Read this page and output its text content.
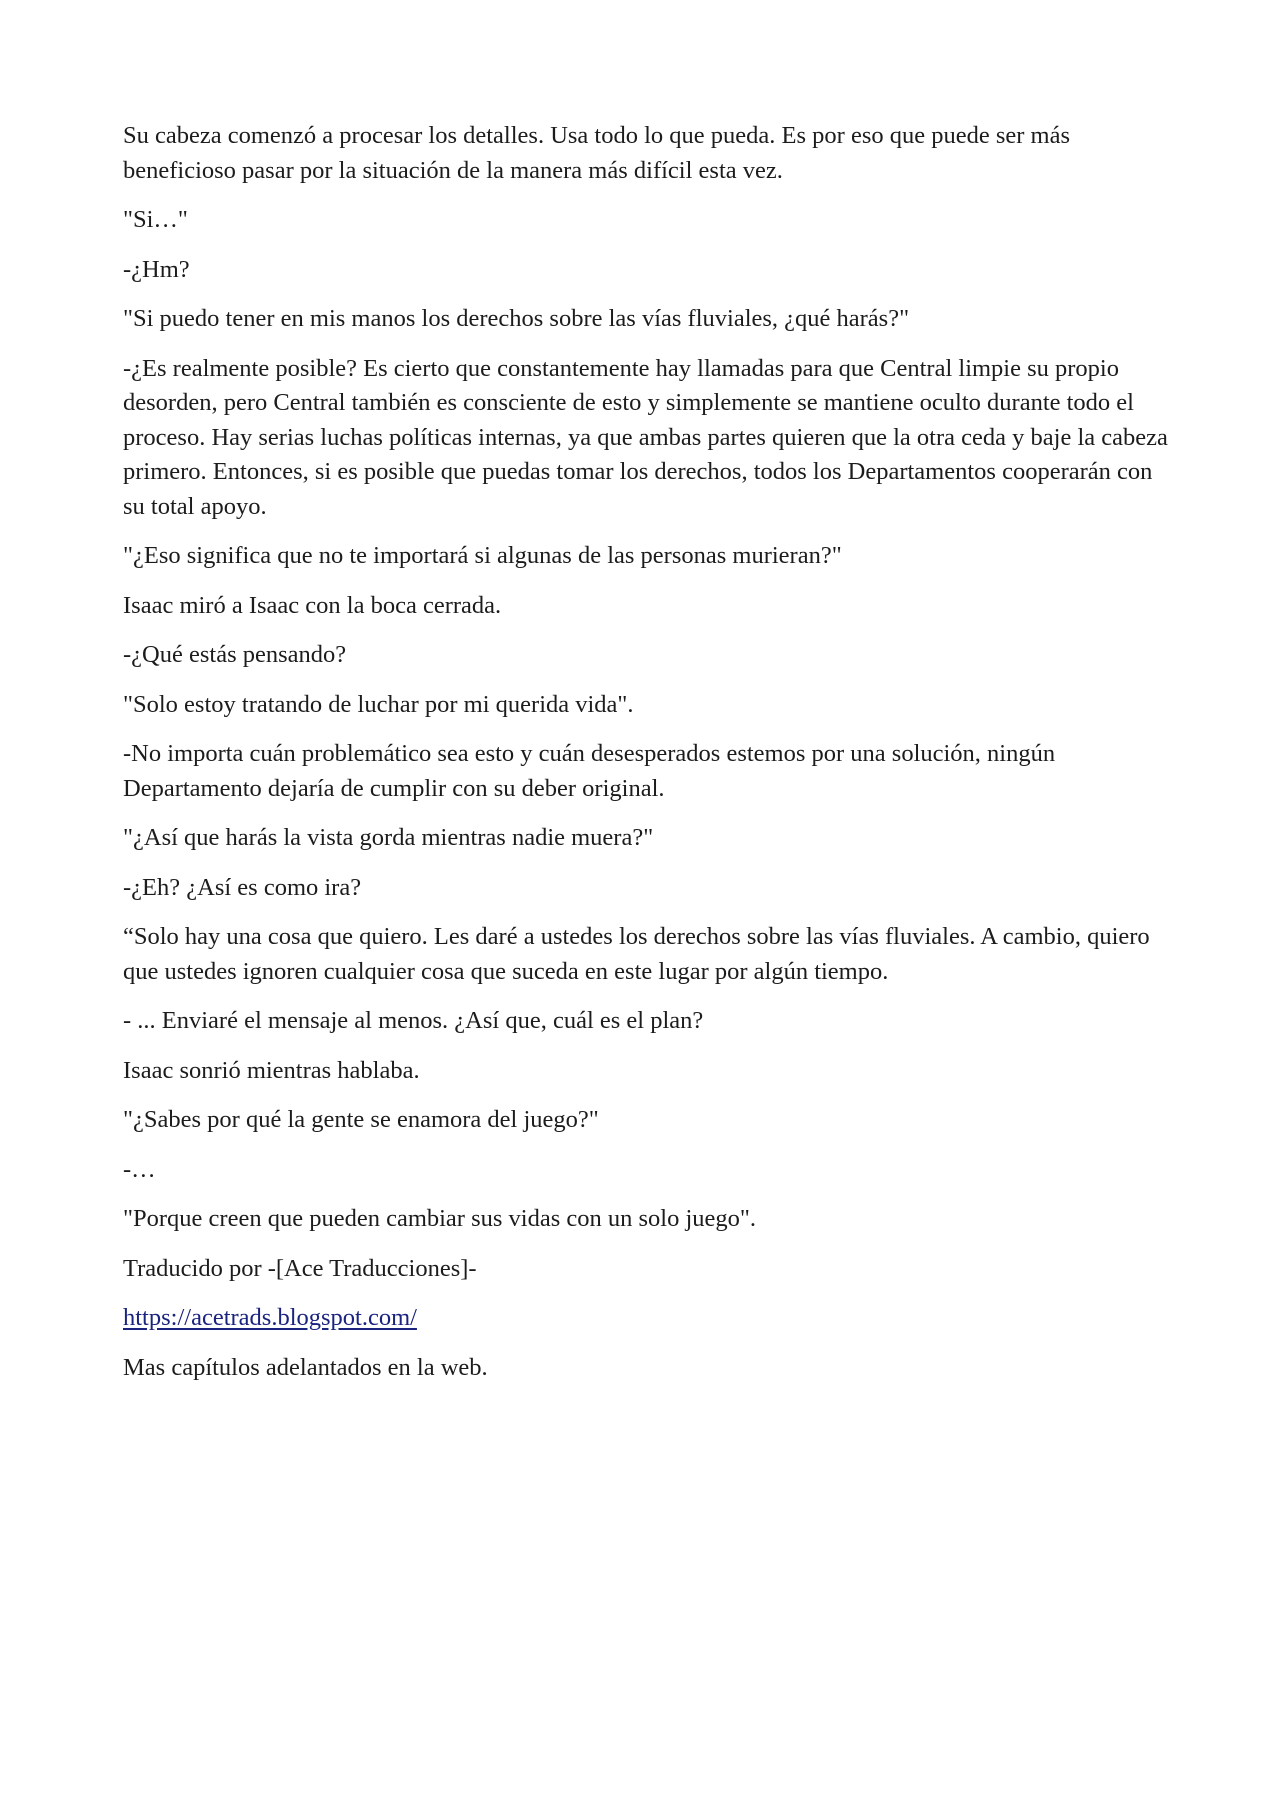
Su cabeza comenzó a procesar los detalles. Usa todo lo que pueda. Es por eso que puede ser más beneficioso pasar por la situación de la manera más difícil esta vez.

"Si…"

-¿Hm?

"Si puedo tener en mis manos los derechos sobre las vías fluviales, ¿qué harás?"

-¿Es realmente posible? Es cierto que constantemente hay llamadas para que Central limpie su propio desorden, pero Central también es consciente de esto y simplemente se mantiene oculto durante todo el proceso. Hay serias luchas políticas internas, ya que ambas partes quieren que la otra ceda y baje la cabeza primero. Entonces, si es posible que puedas tomar los derechos, todos los Departamentos cooperarán con su total apoyo.

"¿Eso significa que no te importará si algunas de las personas murieran?"

Isaac miró a Isaac con la boca cerrada.

-¿Qué estás pensando?

"Solo estoy tratando de luchar por mi querida vida".

-No importa cuán problemático sea esto y cuán desesperados estemos por una solución, ningún Departamento dejaría de cumplir con su deber original.

"¿Así que harás la vista gorda mientras nadie muera?"

-¿Eh? ¿Así es como ira?

“Solo hay una cosa que quiero. Les daré a ustedes los derechos sobre las vías fluviales. A cambio, quiero que ustedes ignoren cualquier cosa que suceda en este lugar por algún tiempo.

- ... Enviaré el mensaje al menos. ¿Así que, cuál es el plan?

Isaac sonrió mientras hablaba.

"¿Sabes por qué la gente se enamora del juego?"

-…

"Porque creen que pueden cambiar sus vidas con un solo juego".

Traducido por -[Ace Traducciones]-

https://acetrads.blogspot.com/

Mas capítulos adelantados en la web.
